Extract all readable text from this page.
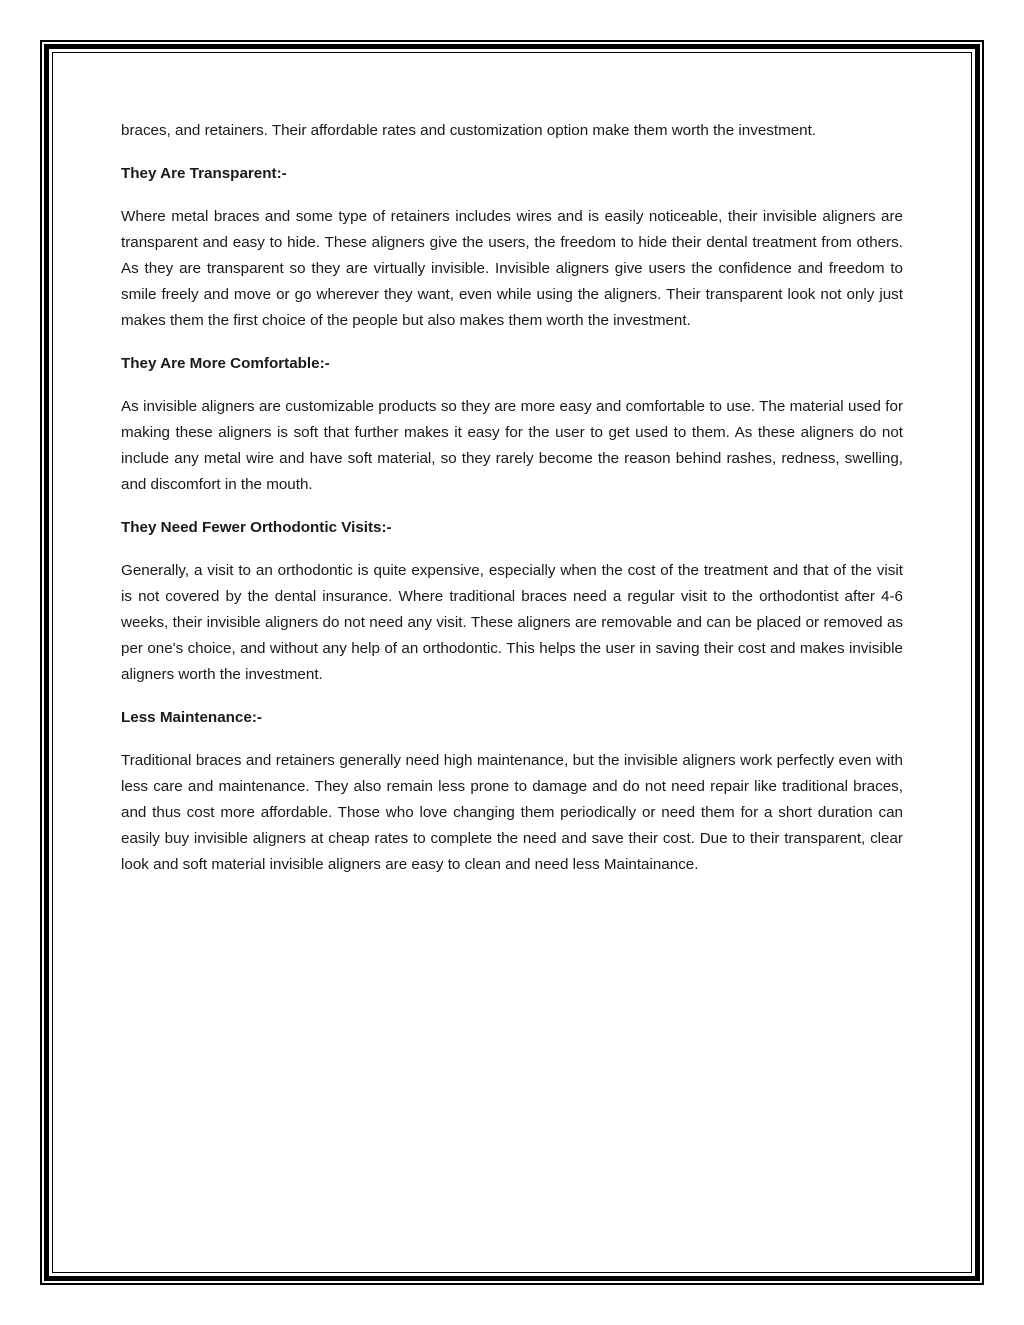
braces, and retainers. Their affordable rates and customization option make them worth the investment.

They Are Transparent:-

Where metal braces and some type of retainers includes wires and is easily noticeable, their invisible aligners are transparent and easy to hide. These aligners give the users, the freedom to hide their dental treatment from others. As they are transparent so they are virtually invisible. Invisible aligners give users the confidence and freedom to smile freely and move or go wherever they want, even while using the aligners. Their transparent look not only just makes them the first choice of the people but also makes them worth the investment.

They Are More Comfortable:-

As invisible aligners are customizable products so they are more easy and comfortable to use. The material used for making these aligners is soft that further makes it easy for the user to get used to them. As these aligners do not include any metal wire and have soft material, so they rarely become the reason behind rashes, redness, swelling, and discomfort in the mouth.

They Need Fewer Orthodontic Visits:-

Generally, a visit to an orthodontic is quite expensive, especially when the cost of the treatment and that of the visit is not covered by the dental insurance. Where traditional braces need a regular visit to the orthodontist after 4-6 weeks, their invisible aligners do not need any visit. These aligners are removable and can be placed or removed as per one's choice, and without any help of an orthodontic. This helps the user in saving their cost and makes invisible aligners worth the investment.

Less Maintenance:-

Traditional braces and retainers generally need high maintenance, but the invisible aligners work perfectly even with less care and maintenance. They also remain less prone to damage and do not need repair like traditional braces, and thus cost more affordable. Those who love changing them periodically or need them for a short duration can easily buy invisible aligners at cheap rates to complete the need and save their cost. Due to their transparent, clear look and soft material invisible aligners are easy to clean and need less Maintainance.
